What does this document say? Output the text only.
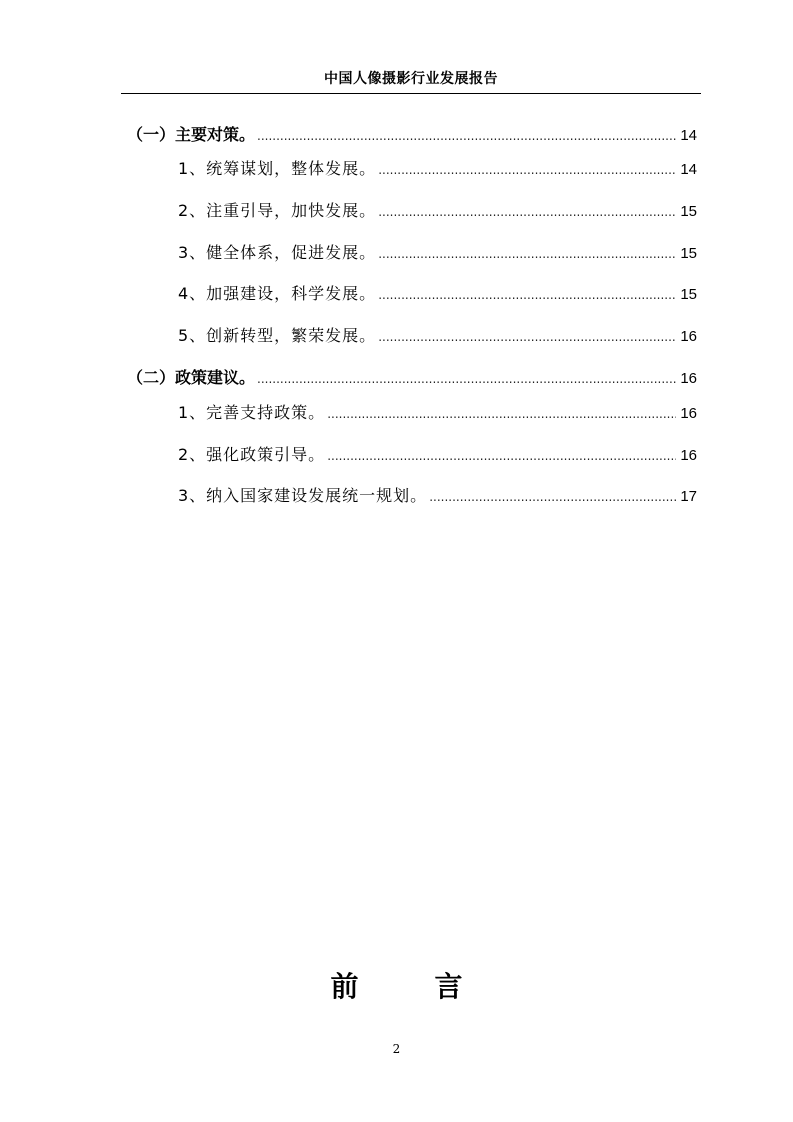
中国人像摄影行业发展报告
（一）主要对策。 .....	14
1、统筹谋划，整体发展。 .....	14
2、注重引导，加快发展。 .....	15
3、健全体系，促进发展。 .....	15
4、加强建设，科学发展。 .....	15
5、创新转型，繁荣发展。 .....	16
（二）政策建议。 .....	16
1、完善支持政策。 .....	16
2、强化政策引导。 .....	16
3、纳入国家建设发展统一规划。 .....	17
前言
2
